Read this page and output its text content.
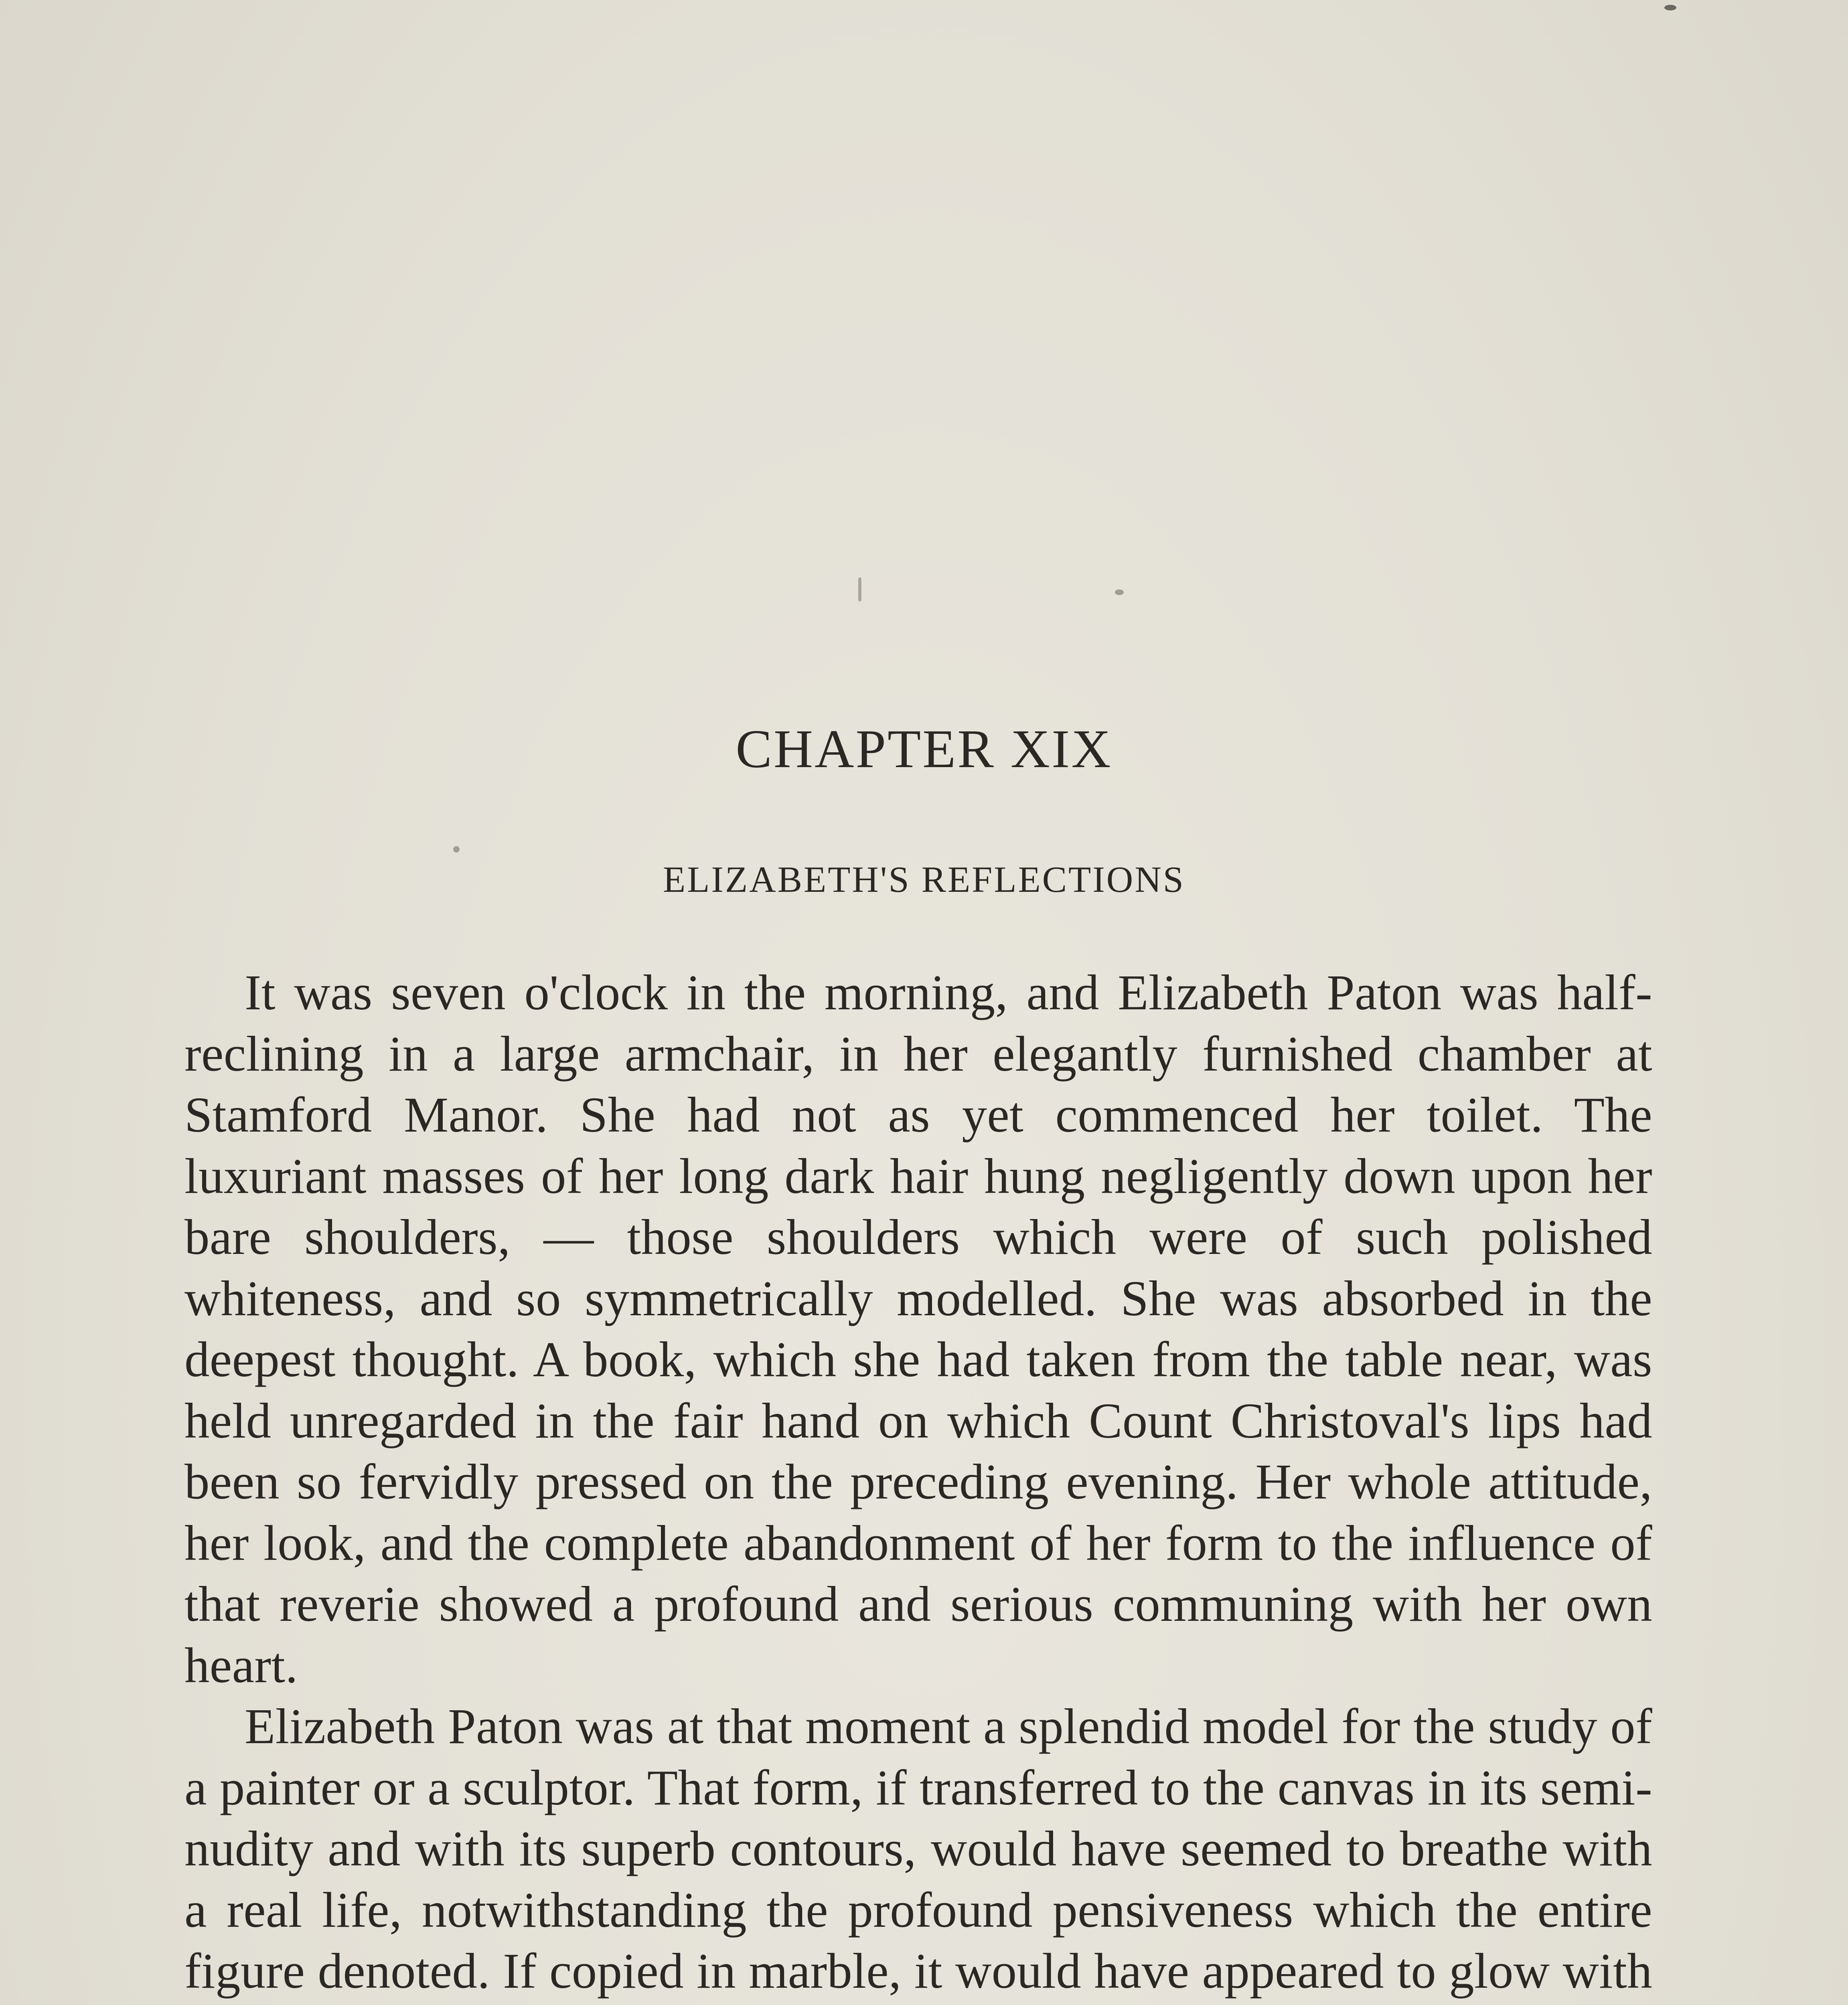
CHAPTER XIX
ELIZABETH'S REFLECTIONS

It was seven o'clock in the morning, and Elizabeth Paton was half-reclining in a large armchair, in her elegantly furnished chamber at Stamford Manor. She had not as yet commenced her toilet. The luxuriant masses of her long dark hair hung negligently down upon her bare shoulders, — those shoulders which were of such polished whiteness, and so symmetrically modelled. She was absorbed in the deepest thought. A book, which she had taken from the table near, was held unregarded in the fair hand on which Count Christoval's lips had been so fervidly pressed on the preceding evening. Her whole attitude, her look, and the complete abandonment of her form to the influence of that reverie showed a profound and serious communing with her own heart.

Elizabeth Paton was at that moment a splendid model for the study of a painter or a sculptor. That form, if transferred to the canvas in its semi-nudity and with its superb contours, would have seemed to breathe with a real life, notwithstanding the profound pensiveness which the entire figure denoted. If copied in marble, it would have appeared to glow with
